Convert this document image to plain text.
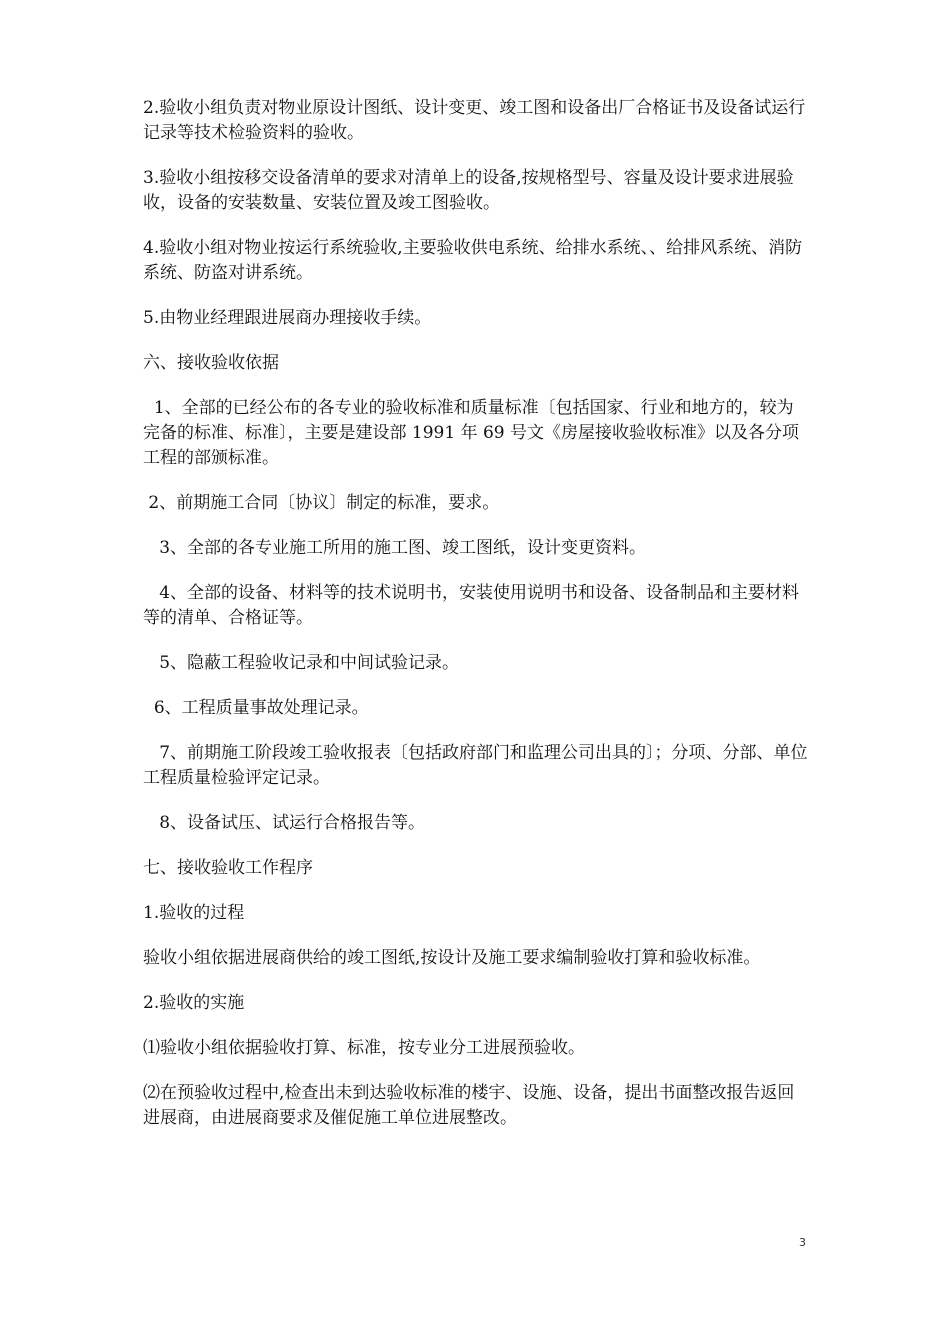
2.验收小组负责对物业原设计图纸、设计变更、竣工图和设备出厂合格证书及设备试运行记录等技术检验资料的验收。

3.验收小组按移交设备清单的要求对清单上的设备,按规格型号、容量及设计要求进展验收，设备的安装数量、安装位置及竣工图验收。

4.验收小组对物业按运行系统验收,主要验收供电系统、给排水系统、、给排风系统、消防系统、防盗对讲系统。

5.由物业经理跟进展商办理接收手续。

六、接收验收依据

1、全部的已经公布的各专业的验收标准和质量标准〔包括国家、行业和地方的，较为完备的标准、标准〕，主要是建设部 1991 年 69 号文《房屋接收验收标准》以及各分项工程的部颁标准。

2、前期施工合同〔协议〕制定的标准，要求。

3、全部的各专业施工所用的施工图、竣工图纸，设计变更资料。

4、全部的设备、材料等的技术说明书，安装使用说明书和设备、设备制品和主要材料等的清单、合格证等。

5、隐蔽工程验收记录和中间试验记录。

6、工程质量事故处理记录。

7、前期施工阶段竣工验收报表〔包括政府部门和监理公司出具的〕；分项、分部、单位工程质量检验评定记录。

8、设备试压、试运行合格报告等。

七、接收验收工作程序

1.验收的过程

验收小组依据进展商供给的竣工图纸,按设计及施工要求编制验收打算和验收标准。

2.验收的实施

⑴验收小组依据验收打算、标准，按专业分工进展预验收。

⑵在预验收过程中,检查出未到达验收标准的楼宇、设施、设备，提出书面整改报告返回进展商，由进展商要求及催促施工单位进展整改。

3
